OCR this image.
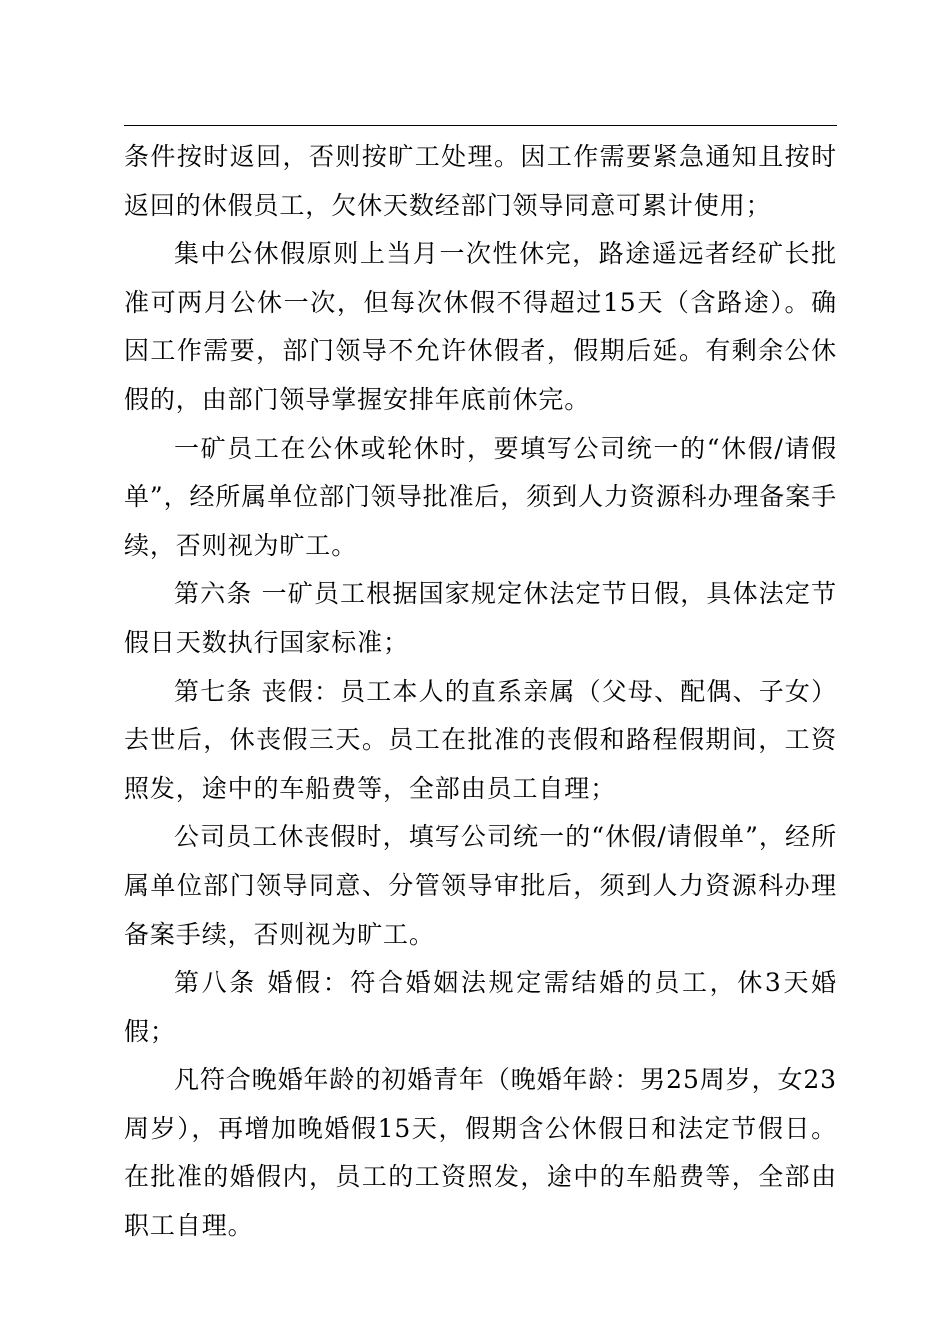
条件按时返回，否则按旷工处理。因工作需要紧急通知且按时返回的休假员工，欠休天数经部门领导同意可累计使用；

集中公休假原则上当月一次性休完，路途遥远者经矿长批准可两月公休一次，但每次休假不得超过15天（含路途）。确因工作需要，部门领导不允许休假者，假期后延。有剩余公休假的，由部门领导掌握安排年底前休完。

一矿员工在公休或轮休时，要填写公司统一的“休假/请假单”，经所属单位部门领导批准后，须到人力资源科办理备案手续，否则视为旷工。

第六条 一矿员工根据国家规定休法定节日假，具体法定节假日天数执行国家标准；

第七条 丧假：员工本人的直系亲属（父母、配偶、子女）去世后，休丧假三天。员工在批准的丧假和路程假期间，工资照发，途中的车船费等，全部由员工自理；

公司员工休丧假时，填写公司统一的“休假/请假单”，经所属单位部门领导同意、分管领导审批后，须到人力资源科办理备案手续，否则视为旷工。

第八条 婚假：符合婚姻法规定需结婚的员工，休3天婚假；

凡符合晚婚年龄的初婚青年（晚婚年龄：男25周岁，女23周岁），再增加晚婚假15天，假期含公休假日和法定节假日。在批准的婚假内，员工的工资照发，途中的车船费等，全部由职工自理。
